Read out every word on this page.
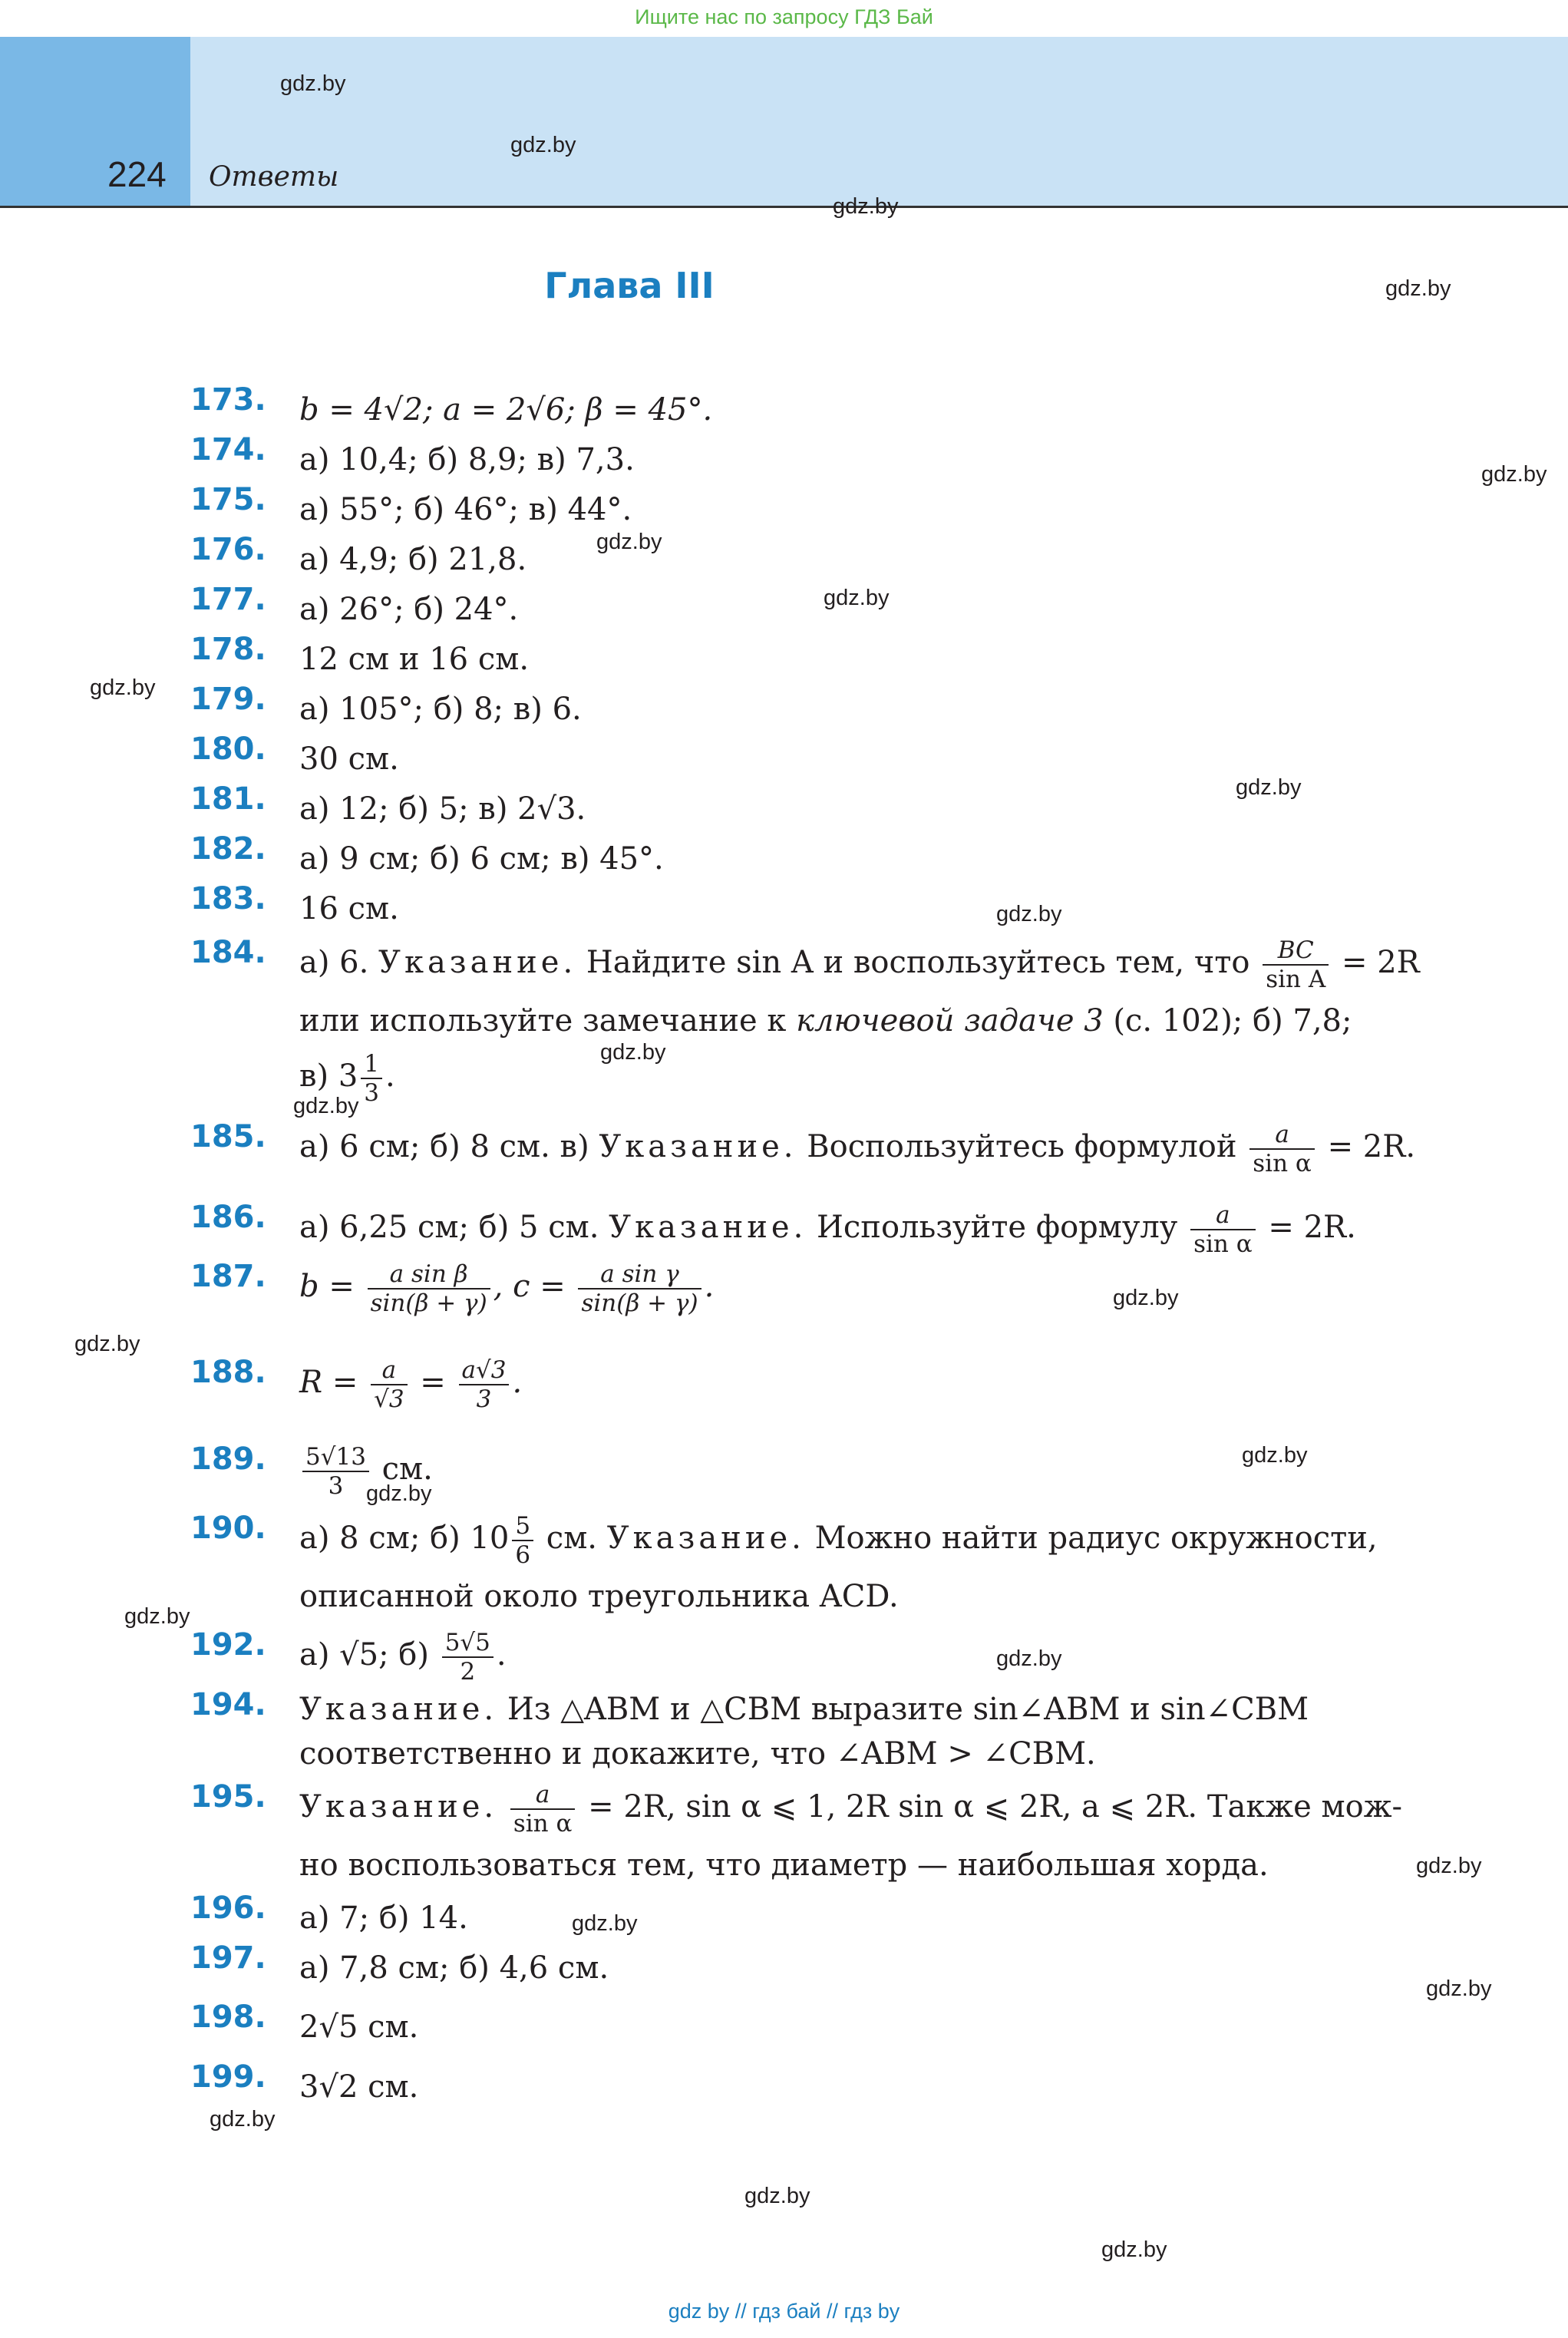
Ищите нас по запросу ГДЗ Бай
224 Ответы
Глава III
gdz.by
gdz.by
gdz.by
gdz.by
gdz.by
gdz.by
gdz.by
gdz.by
gdz.by
gdz.by
gdz.by
gdz.by
gdz.by
gdz.by
gdz.by
gdz.by
gdz.by
gdz.by
gdz.by
gdz.by
gdz.by
gdz.by
gdz.by
gdz.by
173. b = 4√2; a = 2√6; β = 45°.
174. а) 10,4; б) 8,9; в) 7,3.
175. а) 55°; б) 46°; в) 44°.
176. а) 4,9; б) 21,8.
177. а) 26°; б) 24°.
178. 12 см и 16 см.
179. а) 105°; б) 8; в) 6.
180. 30 см.
181. а) 12; б) 5; в) 2√3.
182. а) 9 см; б) 6 см; в) 45°.
183. 16 см.
184. а) 6. Указание. Найдите sin A и воспользуйтесь тем, что $\frac{BC}{\text{sin A}} = 2R$
или используйте замечание к ключевой задаче 3 (с. 102); б) 7,8;
в) $3 \frac{1}{3}$ .
185. а) 6 см; б) 8 см. в) Указание. Воспользуйтесь формулой $\frac{a}{\text{sin α}} = 2R$.
186. а) 6,25 см; б) 5 см. Указание. Используйте формулу $\frac{a}{\text{sin α}} = 2R$.
187. $b = \frac{\text{a sin β}}{\sin(\beta + \gamma)}$ , $c = \frac{\text{a sin γ}}{\sin(\beta + \gamma)}$ .
188. $R = \frac{a}{√3} = \frac{a√3}{3}$ .
189. $\frac{5√13}{3}$ см.
190. а) 8 см; б) $10 \frac{5}{6}$ см. Указание. Можно найти радиус окружности,
описанной около треугольника ACD.
192. а) √5; $б) \frac{5√5}{2}$ .
194. Указание. Из △ABM и △CBM выразите sin∠ABM и sin∠CBM
соответственно и докажите, что ∠ABM > ∠CBM.
195. Указание. $\frac{a}{\text{sin α}} = 2R$, sin α ⩽ 1, 2R sin α ⩽ 2R, a ⩽ 2R. Также мож-
но воспользоваться тем, что диаметр — наибольшая хорда.
196. а) 7; б) 14.
197. а) 7,8 см; б) 4,6 см.
198. 2√5 см.
199. 3√2 см.
gdz by // гдз бай // гдз by
